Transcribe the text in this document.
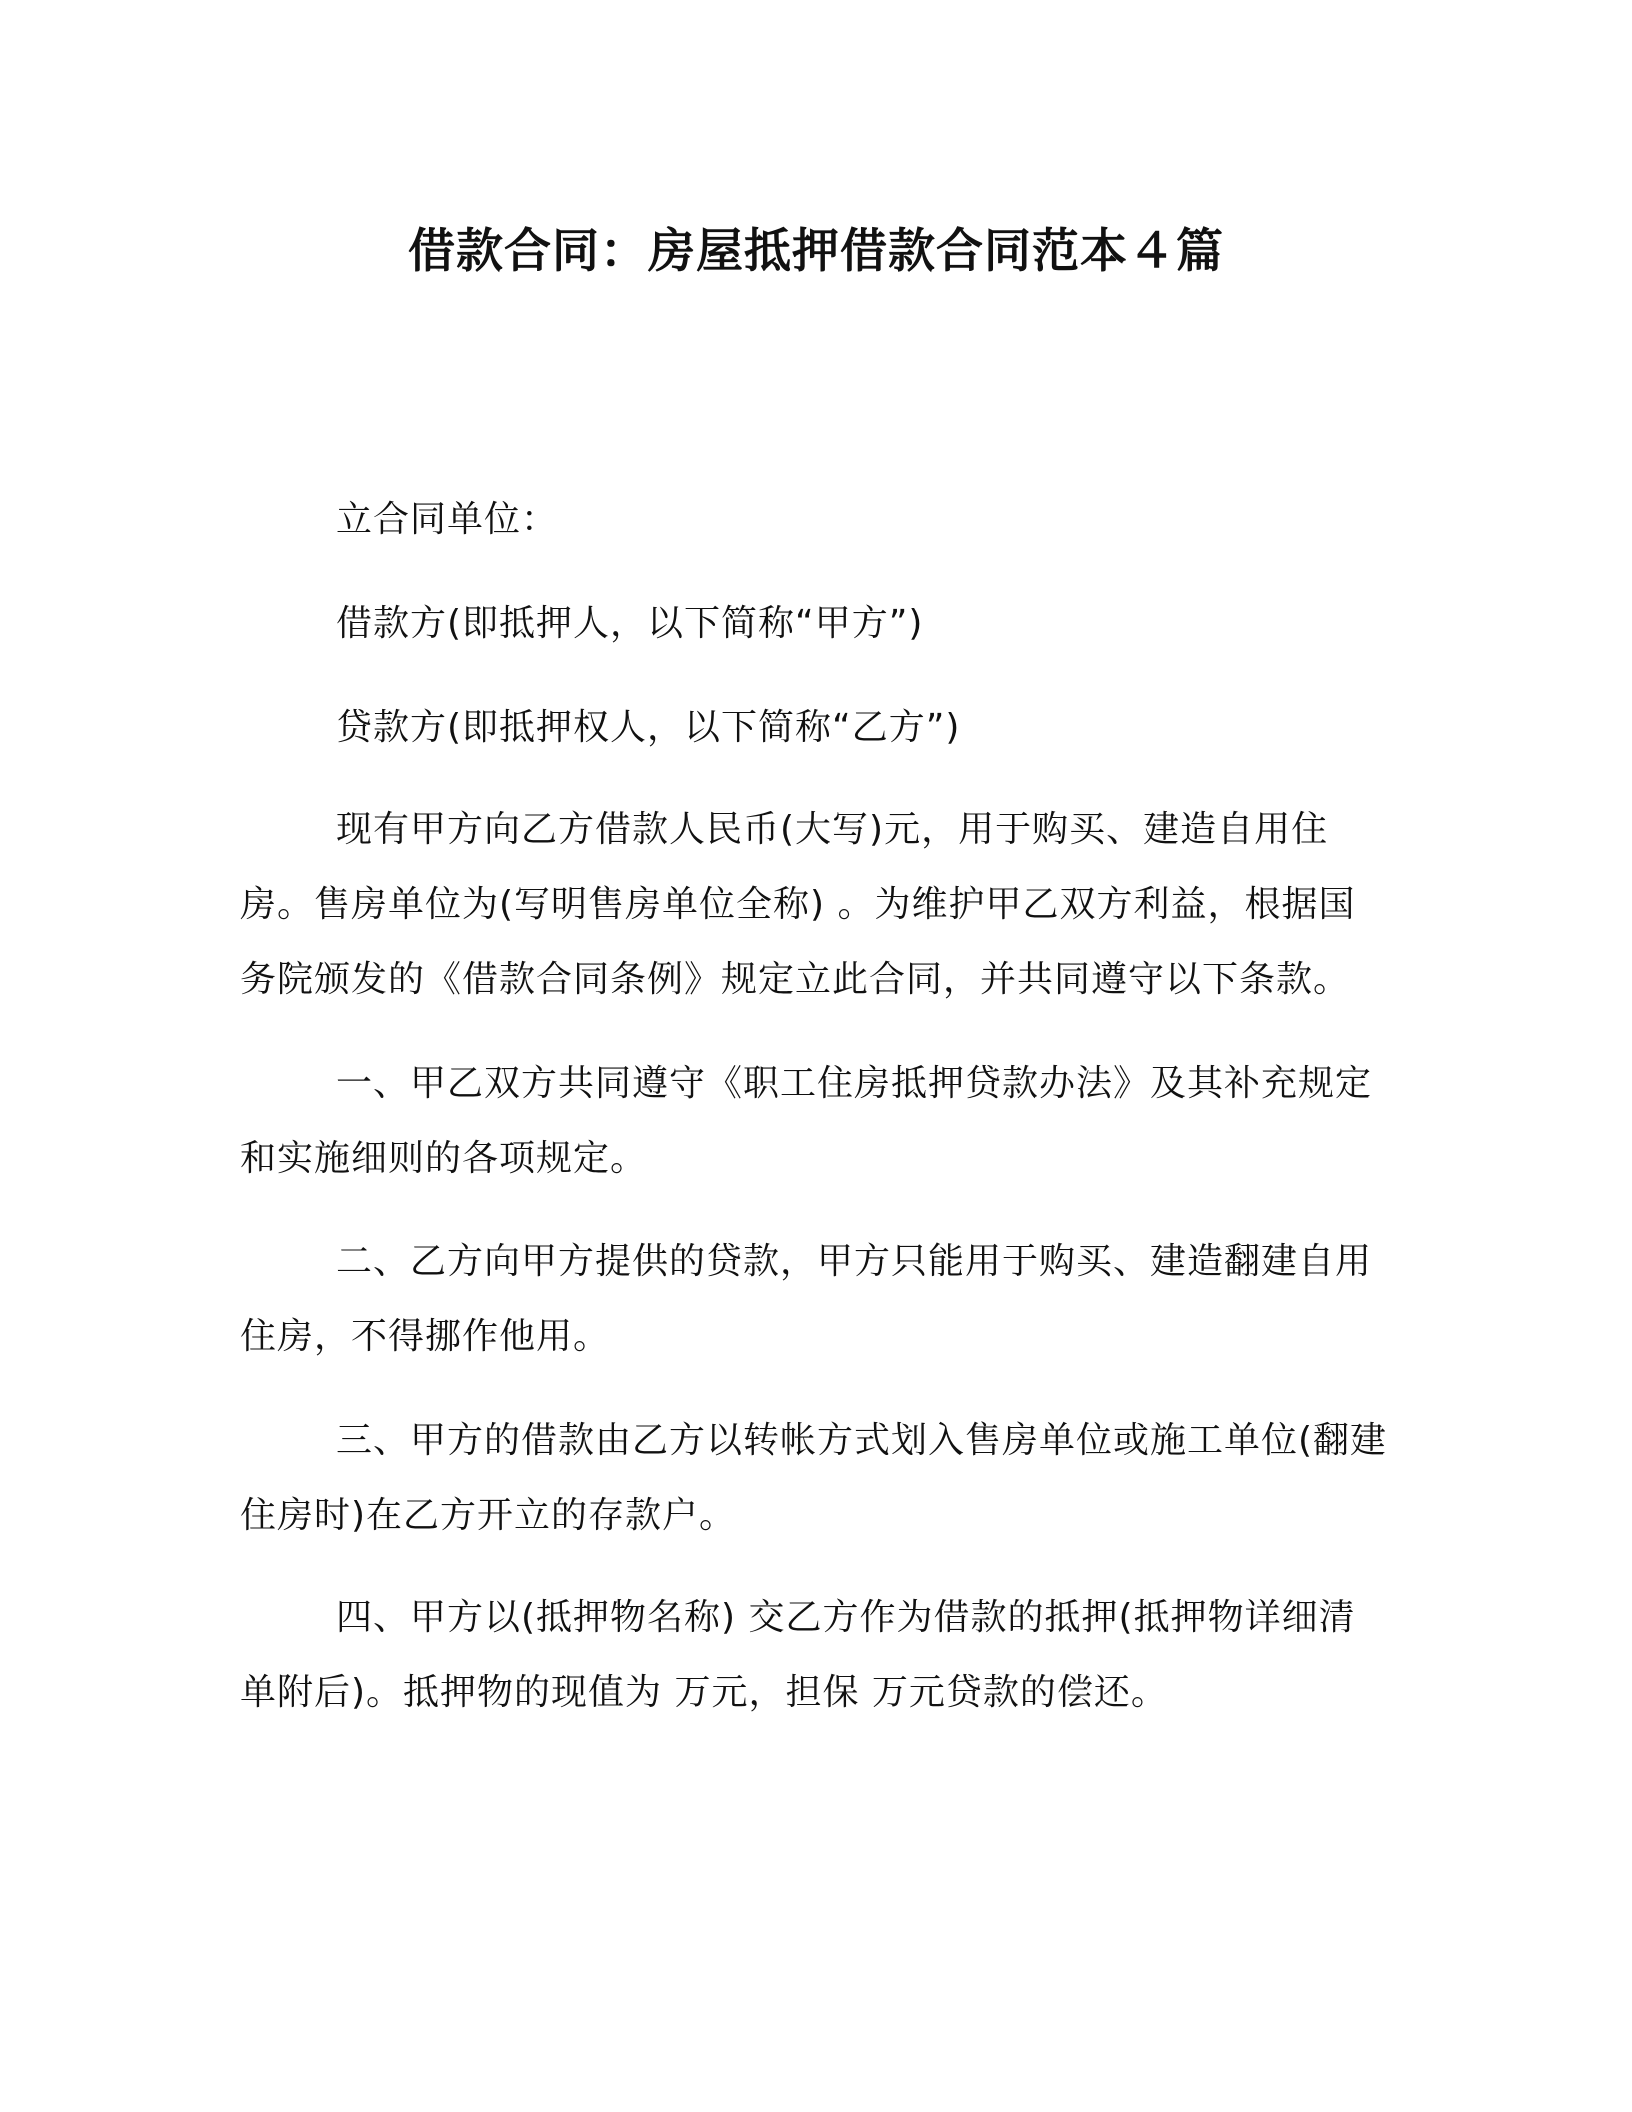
借款合同：房屋抵押借款合同范本４篇

立合同单位：

借款方(即抵押人，以下简称“甲方”)

贷款方(即抵押权人，以下简称“乙方”)

现有甲方向乙方借款人民币(大写)元，用于购买、建造自用住房。售房单位为(写明售房单位全称) 。为维护甲乙双方利益，根据国务院颁发的《借款合同条例》规定立此合同，并共同遵守以下条款。

一、甲乙双方共同遵守《职工住房抵押贷款办法》及其补充规定和实施细则的各项规定。

二、乙方向甲方提供的贷款，甲方只能用于购买、建造翻建自用住房，不得挪作他用。

三、甲方的借款由乙方以转帐方式划入售房单位或施工单位(翻建住房时)在乙方开立的存款户。

四、甲方以(抵押物名称) 交乙方作为借款的抵押(抵押物详细清单附后)。抵押物的现值为 万元，担保 万元贷款的偿还。
